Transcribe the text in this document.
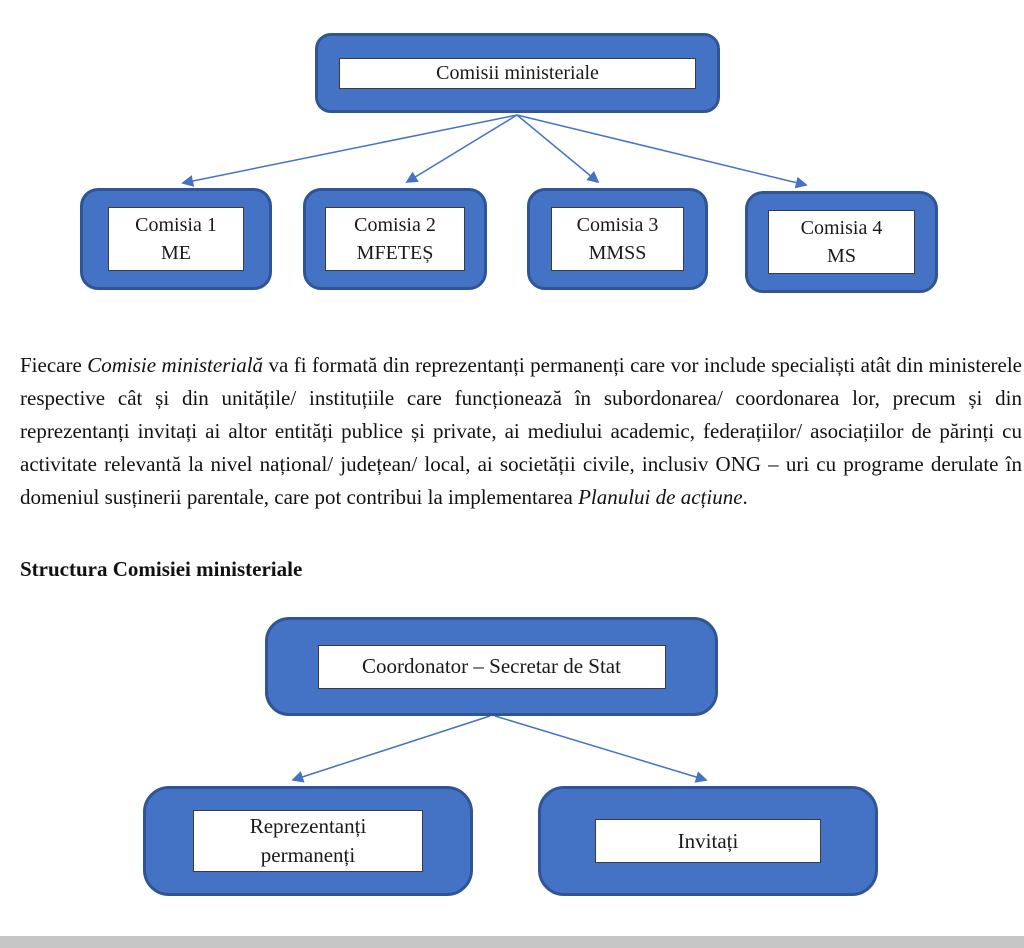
Comisii ministeriale
Comisia 1
ME
Comisia 2
MFETEȘ
Comisia 3
MMSS
Comisia 4
MS

Fiecare Comisie ministerială va fi formată din reprezentanți permanenți care vor include specialiști atât din ministerele respective cât și din unitățile/ instituțiile care funcționează în subordonarea/ coordonarea lor, precum și din reprezentanți invitați ai altor entități publice și private, ai mediului academic, federațiilor/ asociațiilor de părinți cu activitate relevantă la nivel național/ județean/ local, ai societății civile, inclusiv ONG – uri cu programe derulate în domeniul susținerii parentale, care pot contribui la implementarea Planului de acțiune.

Structura Comisiei ministeriale
Coordonator – Secretar de Stat
Reprezentanți
permanenți
Invitați
